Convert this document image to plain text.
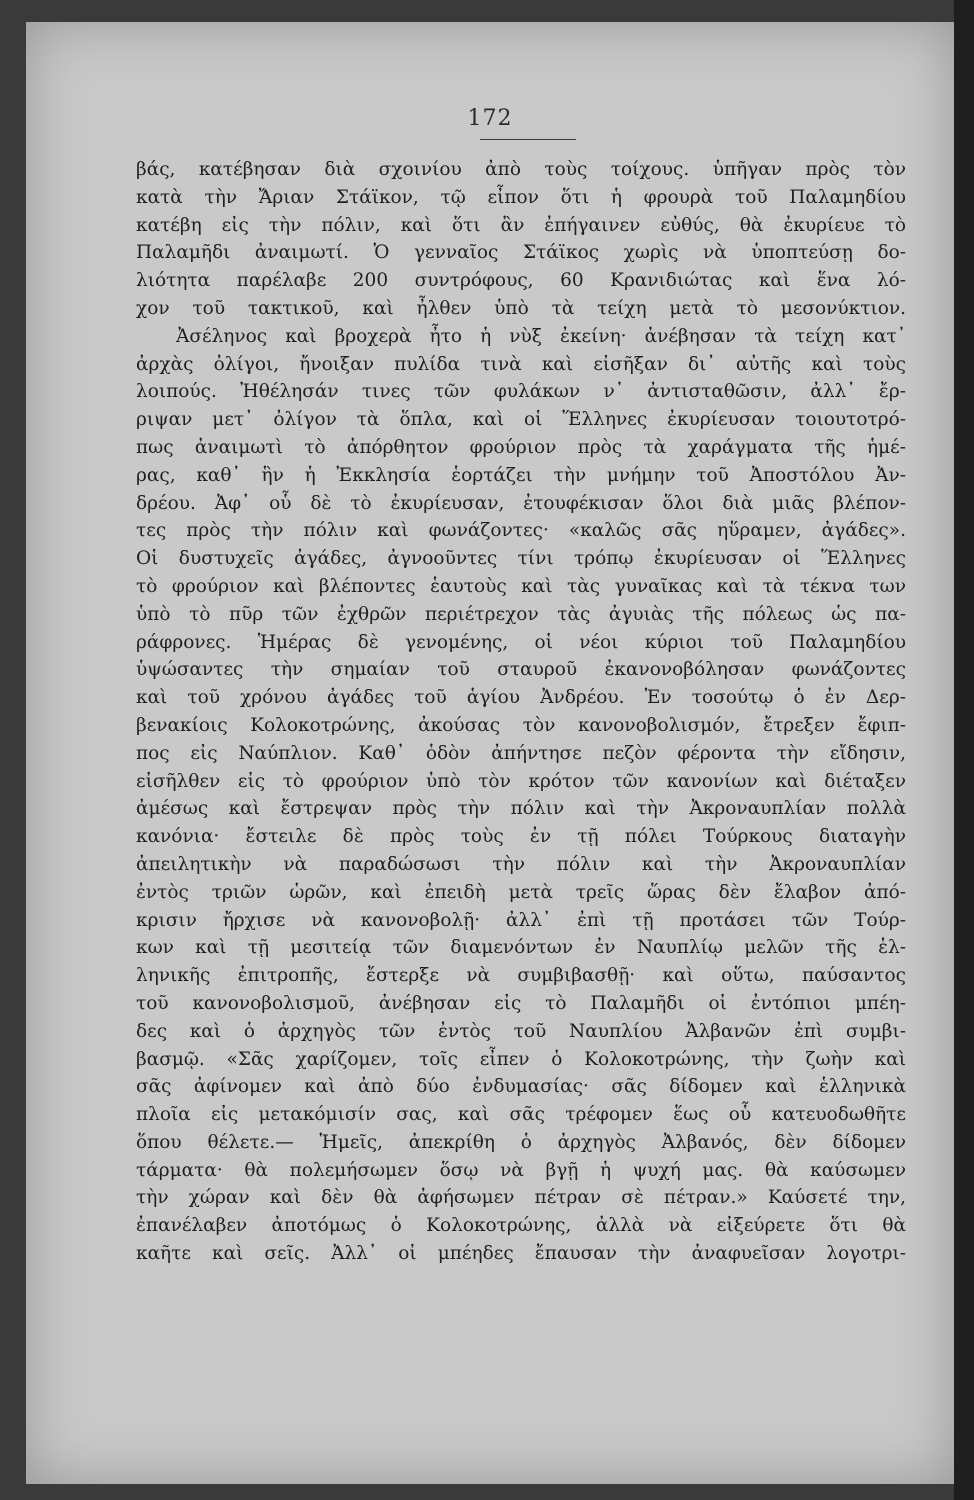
172
βάς, κατέβησαν διὰ σχοινίου ἀπὸ τοὺς τοίχους. ὑπῆγαν πρὸς τὸν
κατὰ τὴν Ἄριαν Στάϊκον, τῷ εἶπον ὅτι ἡ φρουρὰ τοῦ Παλαμηδίου
κατέβη εἰς τὴν πόλιν, καὶ ὅτι ἂν ἐπήγαινεν εὐθύς, θὰ ἐκυρίευε τὸ
Παλαμῆδι ἀναιμωτί. Ὁ γενναῖος Στάϊκος χωρὶς νὰ ὑποπτεύσῃ δο-
λιότητα παρέλαβε 200 συντρόφους, 60 Κρανιδιώτας καὶ ἕνα λό-
χον τοῦ τακτικοῦ, καὶ ἦλθεν ὑπὸ τὰ τείχη μετὰ τὸ μεσονύκτιον.
Ἀσέληνος καὶ βροχερὰ ἦτο ἡ νὺξ ἐκείνη· ἀνέβησαν τὰ τείχη κατ᾽
ἀρχὰς ὀλίγοι, ἤνοιξαν πυλίδα τινὰ καὶ εἰσῆξαν δι᾽ αὐτῆς καὶ τοὺς
λοιπούς. Ἠθέλησάν τινες τῶν φυλάκων ν᾽ ἀντισταθῶσιν, ἀλλ᾽ ἔρ-
ριψαν μετ᾽ ὀλίγον τὰ ὅπλα, καὶ οἱ Ἕλληνες ἐκυρίευσαν τοιουτοτρό-
πως ἀναιμωτὶ τὸ ἀπόρθητον φρούριον πρὸς τὰ χαράγματα τῆς ἡμέ-
ρας, καθ᾽ ἣν ἡ Ἐκκλησία ἑορτάζει τὴν μνήμην τοῦ Ἀποστόλου Ἀν-
δρέου. Ἀφ᾽ οὗ δὲ τὸ ἐκυρίευσαν, ἐτουφέκισαν ὅλοι διὰ μιᾶς βλέπον-
τες πρὸς τὴν πόλιν καὶ φωνάζοντες· «καλῶς σᾶς ηὕραμεν, ἀγάδες».
Οἱ δυστυχεῖς ἀγάδες, ἀγνοοῦντες τίνι τρόπῳ ἐκυρίευσαν οἱ Ἕλληνες
τὸ φρούριον καὶ βλέποντες ἑαυτοὺς καὶ τὰς γυναῖκας καὶ τὰ τέκνα των
ὑπὸ τὸ πῦρ τῶν ἐχθρῶν περιέτρεχον τὰς ἀγυιὰς τῆς πόλεως ὡς πα-
ράφρονες. Ἡμέρας δὲ γενομένης, οἱ νέοι κύριοι τοῦ Παλαμηδίου
ὑψώσαντες τὴν σημαίαν τοῦ σταυροῦ ἐκανονοβόλησαν φωνάζοντες
καὶ τοῦ χρόνου ἀγάδες τοῦ ἁγίου Ἀνδρέου. Ἐν τοσούτῳ ὁ ἐν Δερ-
βενακίοις Κολοκοτρώνης, ἀκούσας τὸν κανονοβολισμόν, ἔτρεξεν ἔφιπ-
πος εἰς Ναύπλιον. Καθ᾽ ὁδὸν ἀπήντησε πεζὸν φέροντα τὴν εἴδησιν,
εἰσῆλθεν εἰς τὸ φρούριον ὑπὸ τὸν κρότον τῶν κανονίων καὶ διέταξεν
ἀμέσως καὶ ἔστρεψαν πρὸς τὴν πόλιν καὶ τὴν Ἀκροναυπλίαν πολλὰ
κανόνια· ἔστειλε δὲ πρὸς τοὺς ἐν τῇ πόλει Τούρκους διαταγὴν
ἀπειλητικὴν νὰ παραδώσωσι τὴν πόλιν καὶ τὴν Ἀκροναυπλίαν
ἐντὸς τριῶν ὡρῶν, καὶ ἐπειδὴ μετὰ τρεῖς ὥρας δὲν ἔλαβον ἀπό-
κρισιν ἤρχισε νὰ κανονοβολῇ· ἀλλ᾽ ἐπὶ τῇ προτάσει τῶν Τούρ-
κων καὶ τῇ μεσιτείᾳ τῶν διαμενόντων ἐν Ναυπλίῳ μελῶν τῆς ἑλ-
ληνικῆς ἐπιτροπῆς, ἔστερξε νὰ συμβιβασθῇ· καὶ οὕτω, παύσαντος
τοῦ κανονοβολισμοῦ, ἀνέβησαν εἰς τὸ Παλαμῆδι οἱ ἐντόπιοι μπέη-
δες καὶ ὁ ἀρχηγὸς τῶν ἐντὸς τοῦ Ναυπλίου Ἀλβανῶν ἐπὶ συμβι-
βασμῷ. «Σᾶς χαρίζομεν, τοῖς εἶπεν ὁ Κολοκοτρώνης, τὴν ζωὴν καὶ
σᾶς ἀφίνομεν καὶ ἀπὸ δύο ἐνδυμασίας· σᾶς δίδομεν καὶ ἑλληνικὰ
πλοῖα εἰς μετακόμισίν σας, καὶ σᾶς τρέφομεν ἕως οὗ κατευοδωθῆτε
ὅπου θέλετε.— Ἡμεῖς, ἀπεκρίθη ὁ ἀρχηγὸς Ἀλβανός, δὲν δίδομεν
τάρματα· θὰ πολεμήσωμεν ὅσῳ νὰ βγῇ ἡ ψυχή μας. θὰ καύσωμεν
τὴν χώραν καὶ δὲν θὰ ἀφήσωμεν πέτραν σὲ πέτραν.» Καύσετέ την,
ἐπανέλαβεν ἀποτόμως ὁ Κολοκοτρώνης, ἀλλὰ νὰ εἰξεύρετε ὅτι θὰ
καῆτε καὶ σεῖς. Ἀλλ᾽ οἱ μπέηδες ἔπαυσαν τὴν ἀναφυεῖσαν λογοτρι-
